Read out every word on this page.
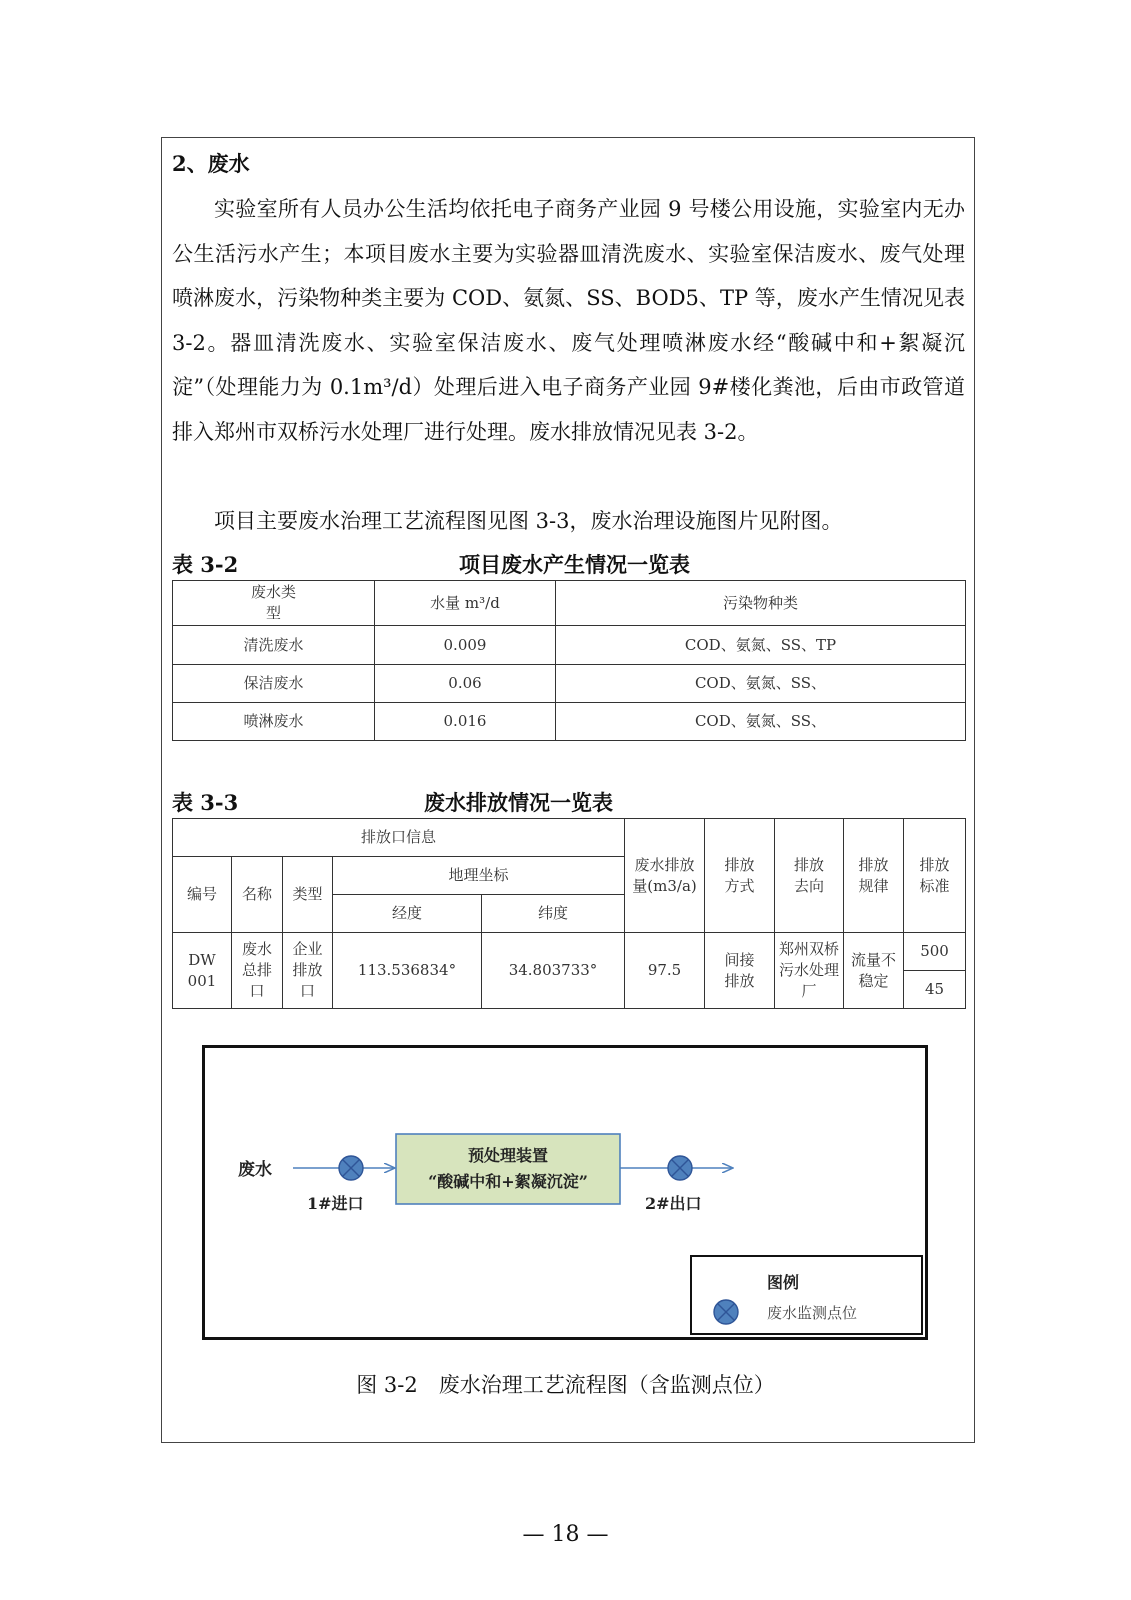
2、废水

实验室所有人员办公生活均依托电子商务产业园 9 号楼公用设施，实验室内无办公生活污水产生；本项目废水主要为实验器皿清洗废水、实验室保洁废水、废气处理喷淋废水，污染物种类主要为 COD、氨氮、SS、BOD5、TP 等，废水产生情况见表 3-2。器皿清洗废水、实验室保洁废水、废气处理喷淋废水经“酸碱中和+絮凝沉淀”（处理能力为 0.1m³/d）处理后进入电子商务产业园 9#楼化粪池，后由市政管道排入郑州市双桥污水处理厂进行处理。废水排放情况见表 3-2。

项目主要废水治理工艺流程图见图 3-3，废水治理设施图片见附图。

表 3-2	项目废水产生情况一览表
废水类型	水量 m³/d	污染物种类
清洗废水	0.009	COD、氨氮、SS、TP
保洁废水	0.06	COD、氨氮、SS、
喷淋废水	0.016	COD、氨氮、SS、
表 3-3	废水排放情况一览表
排放口信息					废水排放量(m3/a)	排放方式	排放去向	排放规律	排放标准
编号	名称	类型	地理坐标						
			经度	纬度					
DW001	废水总排口	企业排放口	113.536834°	34.803733°	97.5	间接排放	郑州双桥污水处理厂	流量不稳定	500
									45
废水
预处理装置
“酸碱中和+絮凝沉淀”
1#进口	2#出口
图例
废水监测点位
图 3-2　废水治理工艺流程图（含监测点位）
— 18 —
